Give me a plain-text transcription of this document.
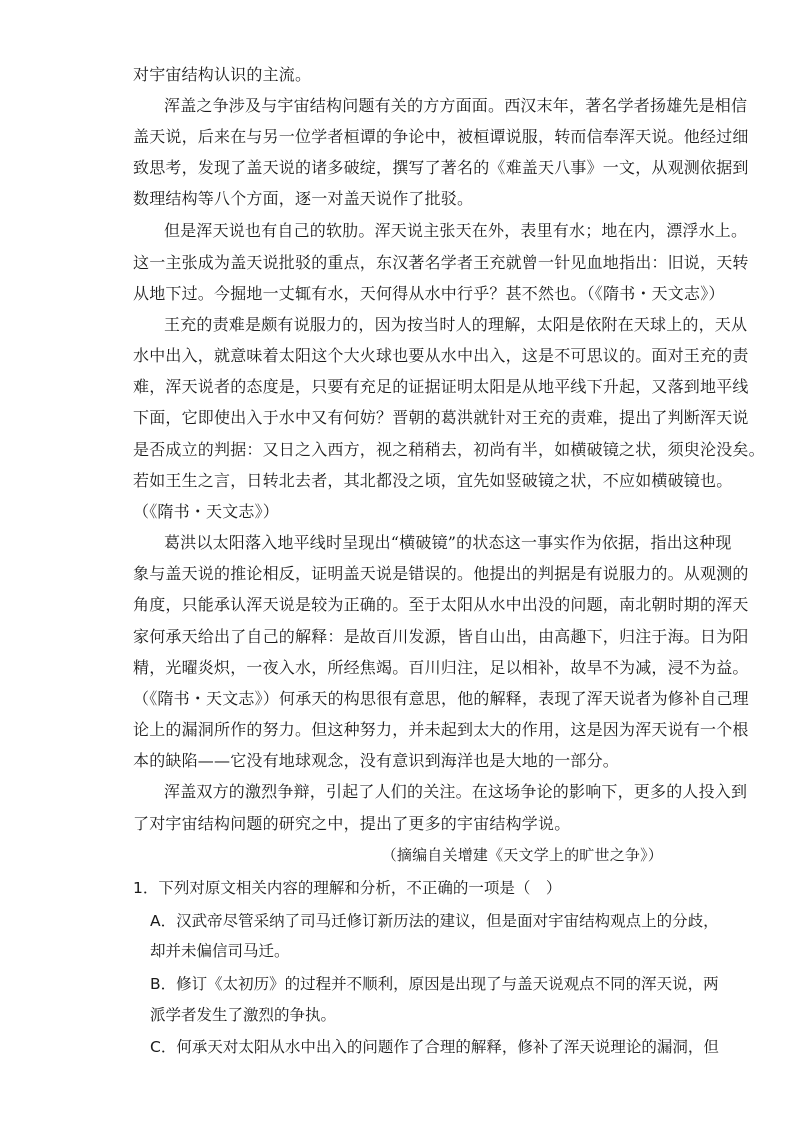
对宇宙结构认识的主流。
浑盖之争涉及与宇宙结构问题有关的方方面面。西汉末年，著名学者扬雄先是相信
盖天说，后来在与另一位学者桓谭的争论中，被桓谭说服，转而信奉浑天说。他经过细
致思考，发现了盖天说的诸多破绽，撰写了著名的《难盖天八事》一文，从观测依据到
数理结构等八个方面，逐一对盖天说作了批驳。
但是浑天说也有自己的软肋。浑天说主张天在外，表里有水；地在内，漂浮水上。
这一主张成为盖天说批驳的重点，东汉著名学者王充就曾一针见血地指出：旧说，天转
从地下过。今掘地一丈辄有水，天何得从水中行乎？甚不然也。（《隋书・天文志》）
王充的责难是颇有说服力的，因为按当时人的理解，太阳是依附在天球上的，天从
水中出入，就意味着太阳这个大火球也要从水中出入，这是不可思议的。面对王充的责
难，浑天说者的态度是，只要有充足的证据证明太阳是从地平线下升起，又落到地平线
下面，它即使出入于水中又有何妨？晋朝的葛洪就针对王充的责难，提出了判断浑天说
是否成立的判据：又日之入西方，视之稍稍去，初尚有半，如横破镜之状，须臾沦没矣。
若如王生之言，日转北去者，其北都没之顷，宜先如竖破镜之状，不应如横破镜也。
（《隋书・天文志》）
葛洪以太阳落入地平线时呈现出“横破镜”的状态这一事实作为依据，指出这种现
象与盖天说的推论相反，证明盖天说是错误的。他提出的判据是有说服力的。从观测的
角度，只能承认浑天说是较为正确的。至于太阳从水中出没的问题，南北朝时期的浑天
家何承天给出了自己的解释：是故百川发源，皆自山出，由高趣下，归注于海。日为阳
精，光曜炎炽，一夜入水，所经焦竭。百川归注，足以相补，故旱不为减，浸不为益。
（《隋书・天文志》）何承天的构思很有意思，他的解释，表现了浑天说者为修补自己理
论上的漏洞所作的努力。但这种努力，并未起到太大的作用，这是因为浑天说有一个根
本的缺陷——它没有地球观念，没有意识到海洋也是大地的一部分。
浑盖双方的激烈争辩，引起了人们的关注。在这场争论的影响下，更多的人投入到
了对宇宙结构问题的研究之中，提出了更多的宇宙结构学说。
（摘编自关增建《天文学上的旷世之争》）
1．下列对原文相关内容的理解和分析，不正确的一项是（　）
A．汉武帝尽管采纳了司马迁修订新历法的建议，但是面对宇宙结构观点上的分歧，
却并未偏信司马迁。
B．修订《太初历》的过程并不顺利，原因是出现了与盖天说观点不同的浑天说，两
派学者发生了激烈的争执。
C．何承天对太阳从水中出入的问题作了合理的解释，修补了浑天说理论的漏洞，但
